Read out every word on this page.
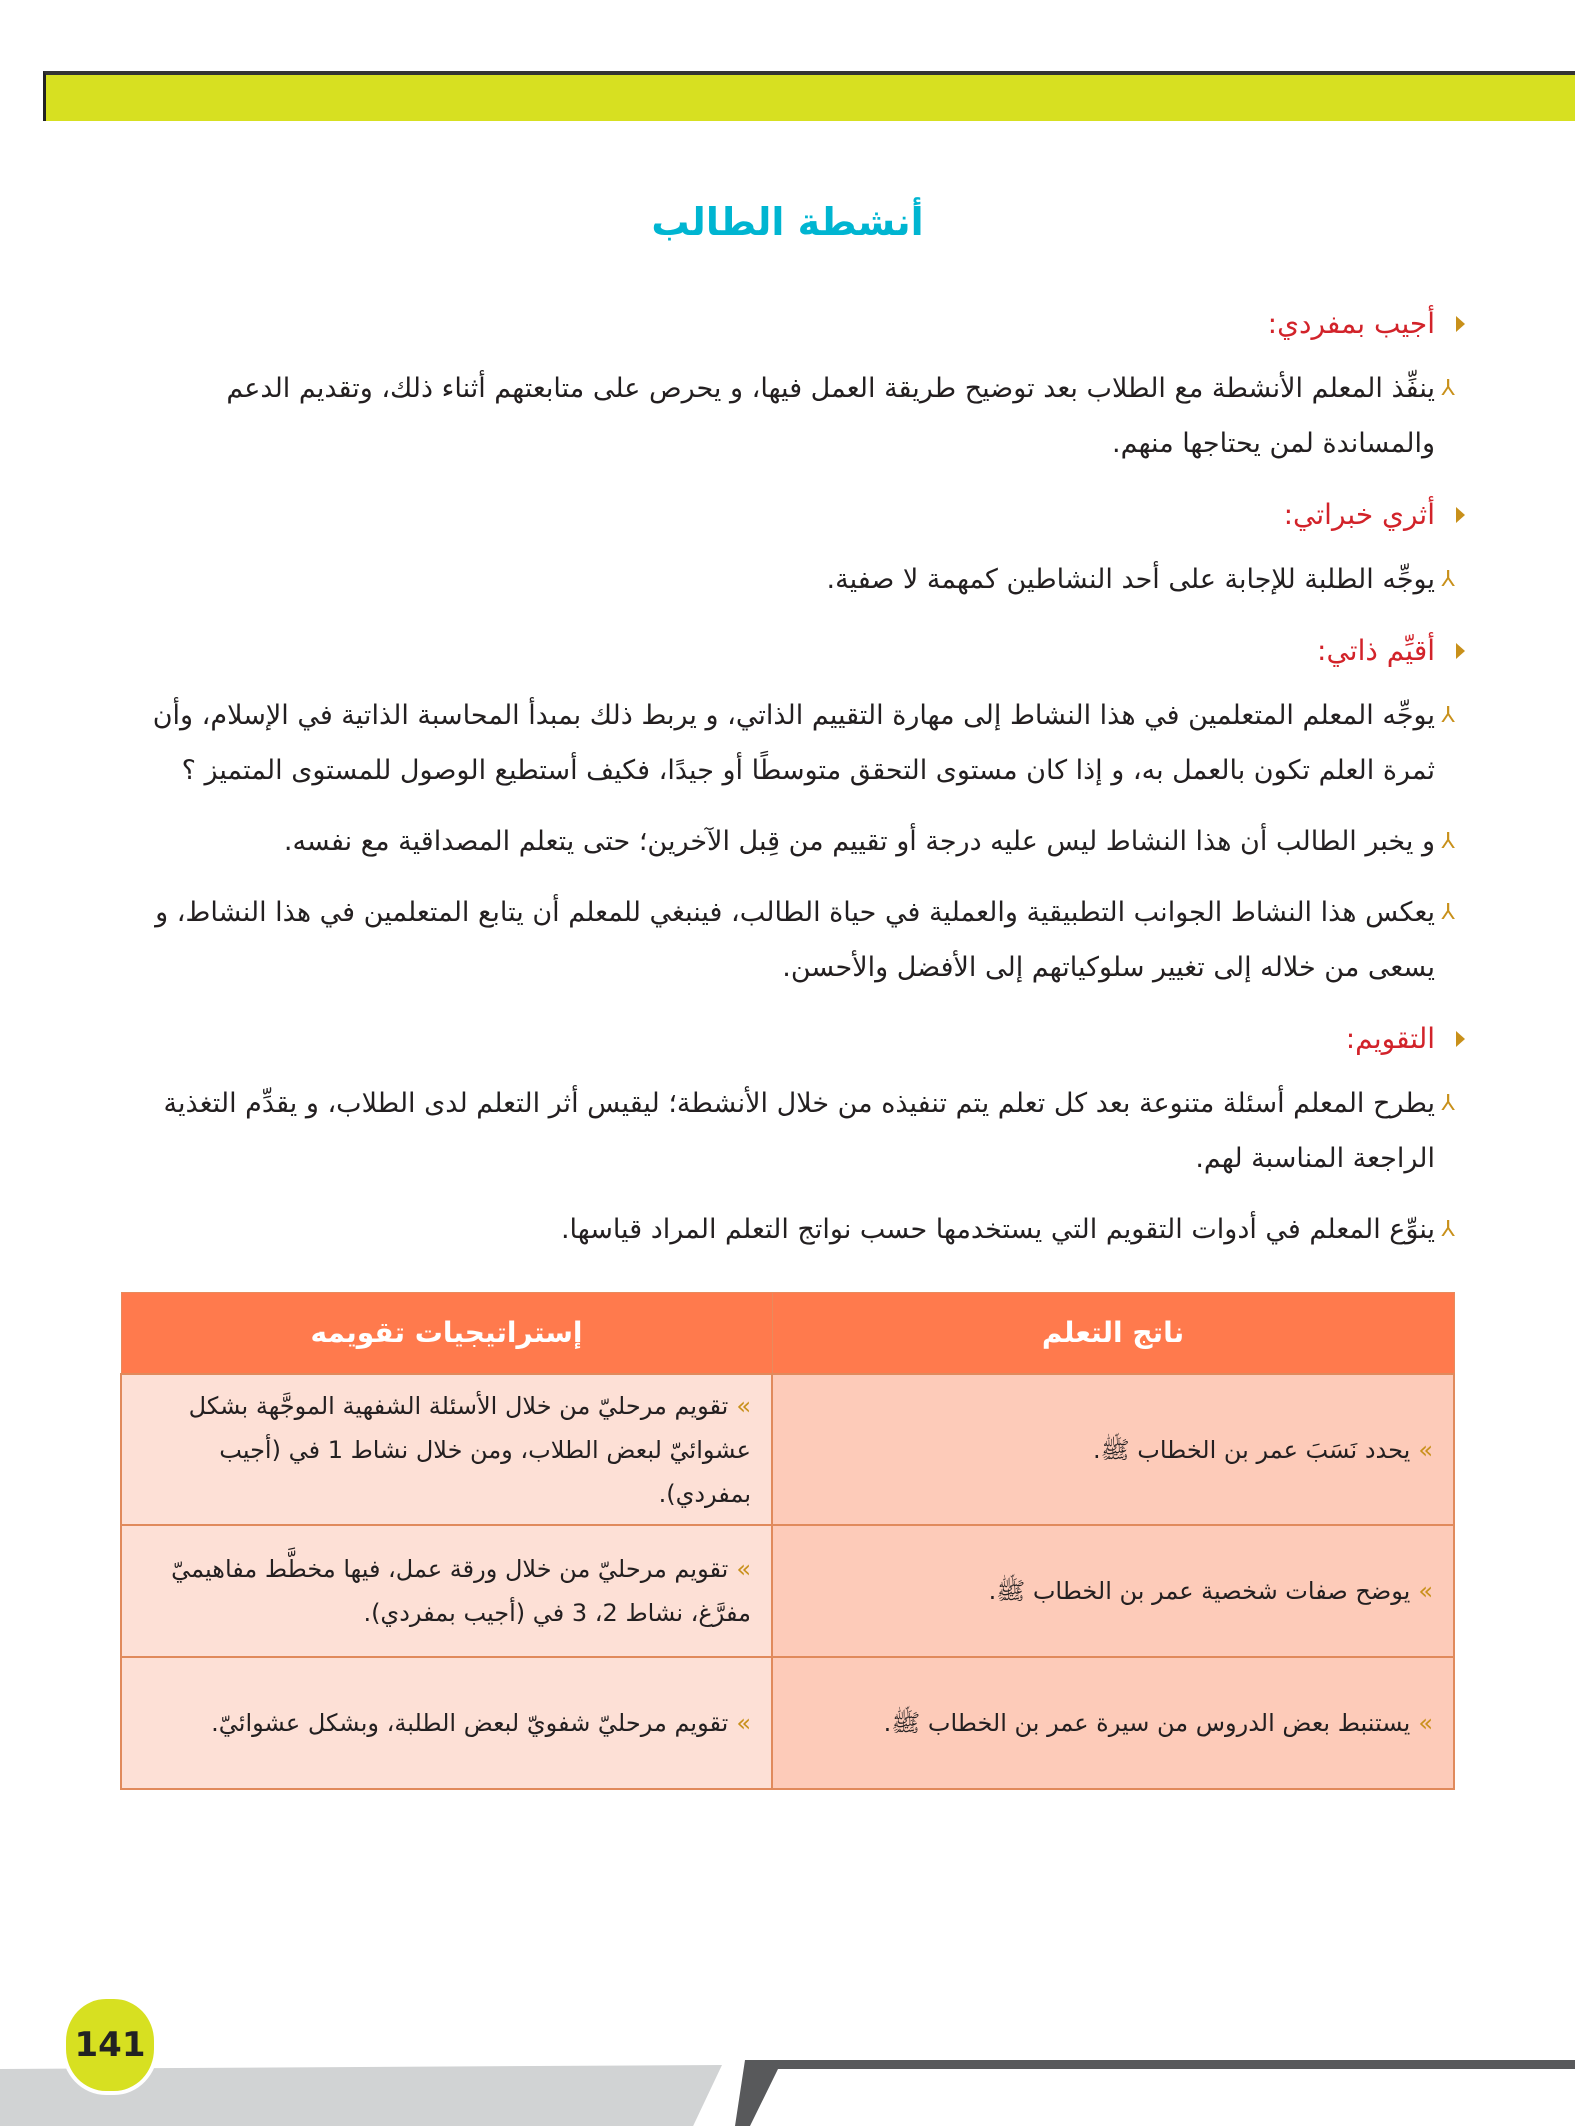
أنشطة الطالب
أجيب بمفردي:
⅄
ينفِّذ المعلم الأنشطة مع الطلاب بعد توضيح طريقة العمل فيها، و يحرص على متابعتهم أثناء ذلك، وتقديم الدعم والمساندة لمن يحتاجها منهم.
أثري خبراتي:
⅄
يوجِّه الطلبة للإجابة على أحد النشاطين كمهمة لا صفية.
أقيِّم ذاتي:
⅄
يوجِّه المعلم المتعلمين في هذا النشاط إلى مهارة التقييم الذاتي، و يربط ذلك بمبدأ المحاسبة الذاتية في الإسلام، وأن ثمرة العلم تكون بالعمل به، و إذا كان مستوى التحقق متوسطًا أو جيدًا، فكيف أستطيع الوصول للمستوى المتميز ؟
⅄
و يخبر الطالب أن هذا النشاط ليس عليه درجة أو تقييم من قِبل الآخرين؛ حتى يتعلم المصداقية مع نفسه.
⅄
يعكس هذا النشاط الجوانب التطبيقية والعملية في حياة الطالب، فينبغي للمعلم أن يتابع المتعلمين في هذا النشاط، و يسعى من خلاله إلى تغيير سلوكياتهم إلى الأفضل والأحسن.
التقويم:
⅄
يطرح المعلم أسئلة متنوعة بعد كل تعلم يتم تنفيذه من خلال الأنشطة؛ ليقيس أثر التعلم لدى الطلاب، و يقدِّم التغذية الراجعة المناسبة لهم.
⅄
ينوِّع المعلم في أدوات التقويم التي يستخدمها حسب نواتج التعلم المراد قياسها.
ناتج التعلم	إستراتيجيات تقويمه
»يحدد نَسَبَ عمر بن الخطاب ﷺ.	»تقويم مرحليّ من خلال الأسئلة الشفهية الموجَّهة بشكل عشوائيّ لبعض الطلاب، ومن خلال نشاط 1 في (أجيب بمفردي).
»يوضح صفات شخصية عمر بن الخطاب ﷺ.	»تقويم مرحليّ من خلال ورقة عمل، فيها مخطَّط مفاهيميّ مفرَّغ، نشاط 2، 3 في (أجيب بمفردي).
»يستنبط بعض الدروس من سيرة عمر بن الخطاب ﷺ.	»تقويم مرحليّ شفويّ لبعض الطلبة، وبشكل عشوائيّ.
141
